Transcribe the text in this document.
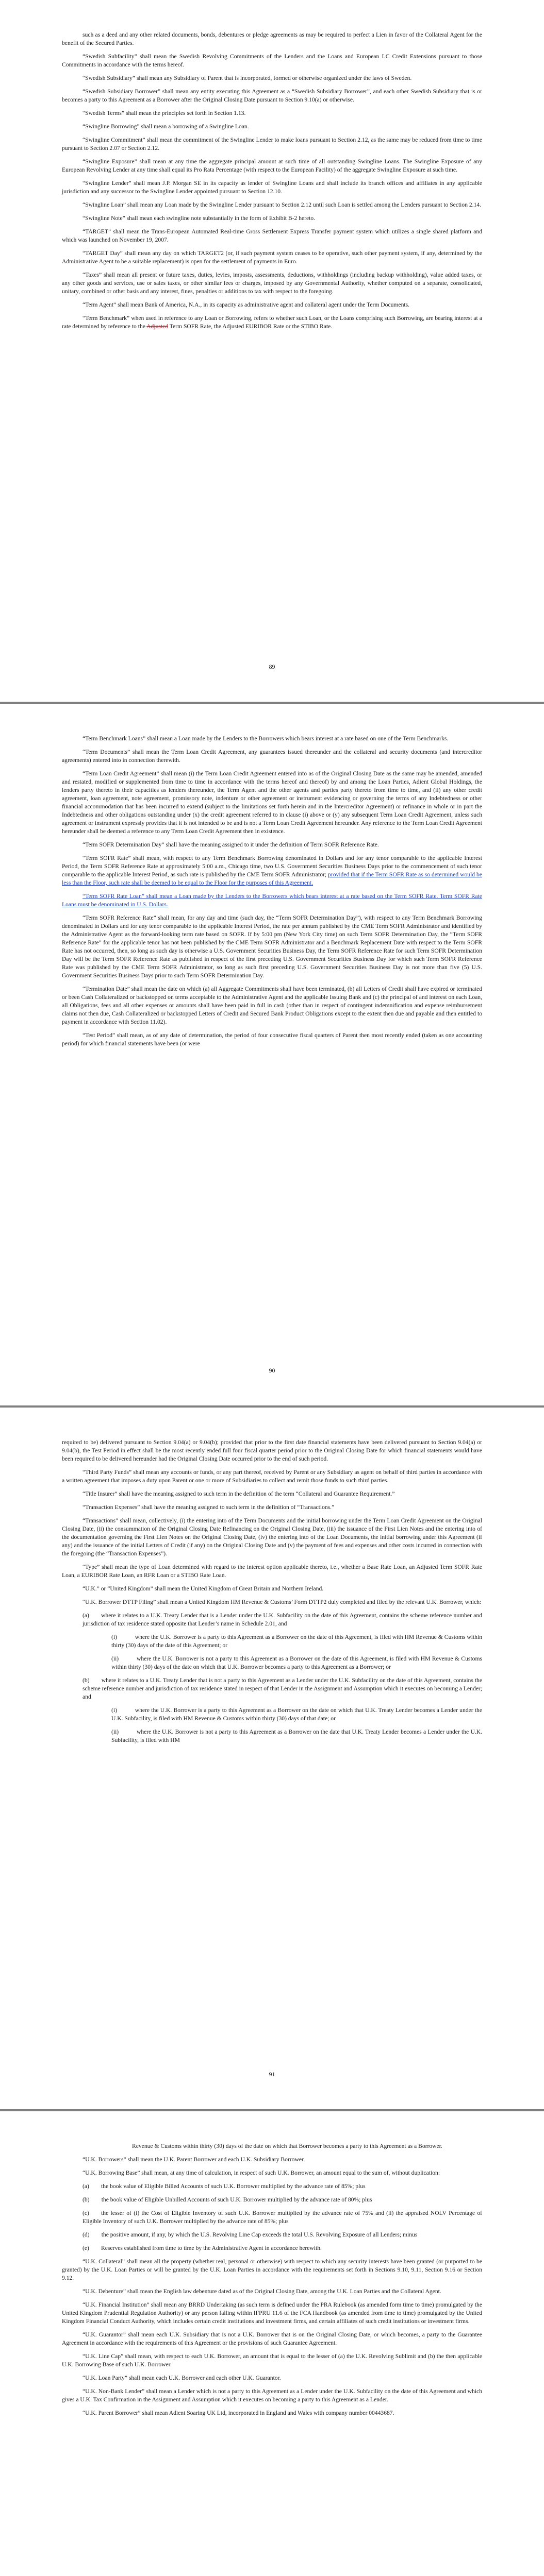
such as a deed and any other related documents, bonds, debentures or pledge agreements as may be required to perfect a Lien in favor of the Collateral Agent for the benefit of the Secured Parties.

“Swedish Subfacility” shall mean the Swedish Revolving Commitments of the Lenders and the Loans and European LC Credit Extensions pursuant to those Commitments in accordance with the terms hereof.

“Swedish Subsidiary” shall mean any Subsidiary of Parent that is incorporated, formed or otherwise organized under the laws of Sweden.

“Swedish Subsidiary Borrower” shall mean any entity executing this Agreement as a “Swedish Subsidiary Borrower”, and each other Swedish Subsidiary that is or becomes a party to this Agreement as a Borrower after the Original Closing Date pursuant to Section 9.10(a) or otherwise.

“Swedish Terms” shall mean the principles set forth in Section 1.13.

“Swingline Borrowing” shall mean a borrowing of a Swingline Loan.

“Swingline Commitment” shall mean the commitment of the Swingline Lender to make loans pursuant to Section 2.12, as the same may be reduced from time to time pursuant to Section 2.07 or Section 2.12.

“Swingline Exposure” shall mean at any time the aggregate principal amount at such time of all outstanding Swingline Loans. The Swingline Exposure of any European Revolving Lender at any time shall equal its Pro Rata Percentage (with respect to the European Facility) of the aggregate Swingline Exposure at such time.

“Swingline Lender” shall mean J.P. Morgan SE in its capacity as lender of Swingline Loans and shall include its branch offices and affiliates in any applicable jurisdiction and any successor to the Swingline Lender appointed pursuant to Section 12.10.

“Swingline Loan” shall mean any Loan made by the Swingline Lender pursuant to Section 2.12 until such Loan is settled among the Lenders pursuant to Section 2.14.

“Swingline Note” shall mean each swingline note substantially in the form of Exhibit B-2 hereto.

“TARGET” shall mean the Trans-European Automated Real-time Gross Settlement Express Transfer payment system which utilizes a single shared platform and which was launched on November 19, 2007.

“TARGET Day” shall mean any day on which TARGET2 (or, if such payment system ceases to be operative, such other payment system, if any, determined by the Administrative Agent to be a suitable replacement) is open for the settlement of payments in Euro.

“Taxes” shall mean all present or future taxes, duties, levies, imposts, assessments, deductions, withholdings (including backup withholding), value added taxes, or any other goods and services, use or sales taxes, or other similar fees or charges, imposed by any Governmental Authority, whether computed on a separate, consolidated, unitary, combined or other basis and any interest, fines, penalties or additions to tax with respect to the foregoing.

“Term Agent” shall mean Bank of America, N.A., in its capacity as administrative agent and collateral agent under the Term Documents.

“Term Benchmark” when used in reference to any Loan or Borrowing, refers to whether such Loan, or the Loans comprising such Borrowing, are bearing interest at a rate determined by reference to the Adjusted Term SOFR Rate, the Adjusted EURIBOR Rate or the STIBO Rate.

89

“Term Benchmark Loans” shall mean a Loan made by the Lenders to the Borrowers which bears interest at a rate based on one of the Term Benchmarks.

“Term Documents” shall mean the Term Loan Credit Agreement, any guarantees issued thereunder and the collateral and security documents (and intercreditor agreements) entered into in connection therewith.

“Term Loan Credit Agreement” shall mean (i) the Term Loan Credit Agreement entered into as of the Original Closing Date as the same may be amended, amended and restated, modified or supplemented from time to time in accordance with the terms hereof and thereof) by and among the Loan Parties, Adient Global Holdings, the lenders party thereto in their capacities as lenders thereunder, the Term Agent and the other agents and parties party thereto from time to time, and (ii) any other credit agreement, loan agreement, note agreement, promissory note, indenture or other agreement or instrument evidencing or governing the terms of any Indebtedness or other financial accommodation that has been incurred to extend (subject to the limitations set forth herein and in the Intercreditor Agreement) or refinance in whole or in part the Indebtedness and other obligations outstanding under (x) the credit agreement referred to in clause (i) above or (y) any subsequent Term Loan Credit Agreement, unless such agreement or instrument expressly provides that it is not intended to be and is not a Term Loan Credit Agreement hereunder. Any reference to the Term Loan Credit Agreement hereunder shall be deemed a reference to any Term Loan Credit Agreement then in existence.

“Term SOFR Determination Day” shall have the meaning assigned to it under the definition of Term SOFR Reference Rate.

“Term SOFR Rate” shall mean, with respect to any Term Benchmark Borrowing denominated in Dollars and for any tenor comparable to the applicable Interest Period, the Term SOFR Reference Rate at approximately 5:00 a.m., Chicago time, two U.S. Government Securities Business Days prior to the commencement of such tenor comparable to the applicable Interest Period, as such rate is published by the CME Term SOFR Administrator; provided that if the Term SOFR Rate as so determined would be less than the Floor, such rate shall be deemed to be equal to the Floor for the purposes of this Agreement.

“Term SOFR Rate Loan” shall mean a Loan made by the Lenders to the Borrowers which bears interest at a rate based on the Term SOFR Rate. Term SOFR Rate Loans must be denominated in U.S. Dollars.

“Term SOFR Reference Rate” shall mean, for any day and time (such day, the “Term SOFR Determination Day”), with respect to any Term Benchmark Borrowing denominated in Dollars and for any tenor comparable to the applicable Interest Period, the rate per annum published by the CME Term SOFR Administrator and identified by the Administrative Agent as the forward-looking term rate based on SOFR. If by 5:00 pm (New York City time) on such Term SOFR Determination Day, the “Term SOFR Reference Rate” for the applicable tenor has not been published by the CME Term SOFR Administrator and a Benchmark Replacement Date with respect to the Term SOFR Rate has not occurred, then, so long as such day is otherwise a U.S. Government Securities Business Day, the Term SOFR Reference Rate for such Term SOFR Determination Day will be the Term SOFR Reference Rate as published in respect of the first preceding U.S. Government Securities Business Day for which such Term SOFR Reference Rate was published by the CME Term SOFR Administrator, so long as such first preceding U.S. Government Securities Business Day is not more than five (5) U.S. Government Securities Business Days prior to such Term SOFR Determination Day.

“Termination Date” shall mean the date on which (a) all Aggregate Commitments shall have been terminated, (b) all Letters of Credit shall have expired or terminated or been Cash Collateralized or backstopped on terms acceptable to the Administrative Agent and the applicable Issuing Bank and (c) the principal of and interest on each Loan, all Obligations, fees and all other expenses or amounts shall have been paid in full in cash (other than in respect of contingent indemnification and expense reimbursement claims not then due, Cash Collateralized or backstopped Letters of Credit and Secured Bank Product Obligations except to the extent then due and payable and then entitled to payment in accordance with Section 11.02).

“Test Period” shall mean, as of any date of determination, the period of four consecutive fiscal quarters of Parent then most recently ended (taken as one accounting period) for which financial statements have been (or were

90

required to be) delivered pursuant to Section 9.04(a) or 9.04(b); provided that prior to the first date financial statements have been delivered pursuant to Section 9.04(a) or 9.04(b), the Test Period in effect shall be the most recently ended full four fiscal quarter period prior to the Original Closing Date for which financial statements would have been required to be delivered hereunder had the Original Closing Date occurred prior to the end of such period.

“Third Party Funds” shall mean any accounts or funds, or any part thereof, received by Parent or any Subsidiary as agent on behalf of third parties in accordance with a written agreement that imposes a duty upon Parent or one or more of Subsidiaries to collect and remit those funds to such third parties.

“Title Insurer” shall have the meaning assigned to such term in the definition of the term “Collateral and Guarantee Requirement.”

“Transaction Expenses” shall have the meaning assigned to such term in the definition of “Transactions.”

“Transactions” shall mean, collectively, (i) the entering into of the Term Documents and the initial borrowing under the Term Loan Credit Agreement on the Original Closing Date, (ii) the consummation of the Original Closing Date Refinancing on the Original Closing Date, (iii) the issuance of the First Lien Notes and the entering into of the documentation governing the First Lien Notes on the Original Closing Date, (iv) the entering into of the Loan Documents, the initial borrowing under this Agreement (if any) and the issuance of the initial Letters of Credit (if any) on the Original Closing Date and (v) the payment of fees and expenses and other costs incurred in connection with the foregoing (the “Transaction Expenses”).

“Type” shall mean the type of Loan determined with regard to the interest option applicable thereto, i.e., whether a Base Rate Loan, an Adjusted Term SOFR Rate Loan, a EURIBOR Rate Loan, an RFR Loan or a STIBO Rate Loan.

“U.K.” or “United Kingdom” shall mean the United Kingdom of Great Britain and Northern Ireland.

“U.K. Borrower DTTP Filing” shall mean a United Kingdom HM Revenue & Customs’ Form DTTP2 duly completed and filed by the relevant U.K. Borrower, which:

(a)  where it relates to a U.K. Treaty Lender that is a Lender under the U.K. Subfacility on the date of this Agreement, contains the scheme reference number and jurisdiction of tax residence stated opposite that Lender’s name in Schedule 2.01, and

(i)   where the U.K. Borrower is a party to this Agreement as a Borrower on the date of this Agreement, is filed with HM Revenue & Customs within thirty (30) days of the date of this Agreement; or

(ii)   where the U.K. Borrower is not a party to this Agreement as a Borrower on the date of this Agreement, is filed with HM Revenue & Customs within thirty (30) days of the date on which that U.K. Borrower becomes a party to this Agreement as a Borrower; or

(b)  where it relates to a U.K. Treaty Lender that is not a party to this Agreement as a Lender under the U.K. Subfacility on the date of this Agreement, contains the scheme reference number and jurisdiction of tax residence stated in respect of that Lender in the Assignment and Assumption which it executes on becoming a Lender; and

(i)   where the U.K. Borrower is a party to this Agreement as a Borrower on the date on which that U.K. Treaty Lender becomes a Lender under the U.K. Subfacility, is filed with HM Revenue & Customs within thirty (30) days of that date; or

(ii)   where the U.K. Borrower is not a party to this Agreement as a Borrower on the date that U.K. Treaty Lender becomes a Lender under the U.K. Subfacility, is filed with HM

91

Revenue & Customs within thirty (30) days of the date on which that Borrower becomes a party to this Agreement as a Borrower.

“U.K. Borrowers” shall mean the U.K. Parent Borrower and each U.K. Subsidiary Borrower.

“U.K. Borrowing Base” shall mean, at any time of calculation, in respect of such U.K. Borrower, an amount equal to the sum of, without duplication:

(a)  the book value of Eligible Billed Accounts of such U.K. Borrower multiplied by the advance rate of 85%; plus

(b)  the book value of Eligible Unbilled Accounts of such U.K. Borrower multiplied by the advance rate of 80%; plus

(c)  the lesser of (i) the Cost of Eligible Inventory of such U.K. Borrower multiplied by the advance rate of 75% and (ii) the appraised NOLV Percentage of Eligible Inventory of such U.K. Borrower multiplied by the advance rate of 85%; plus

(d)  the positive amount, if any, by which the U.S. Revolving Line Cap exceeds the total U.S. Revolving Exposure of all Lenders; minus

(e)  Reserves established from time to time by the Administrative Agent in accordance herewith.

“U.K. Collateral” shall mean all the property (whether real, personal or otherwise) with respect to which any security interests have been granted (or purported to be granted) by the U.K. Loan Parties or will be granted by the U.K. Loan Parties in accordance with the requirements set forth in Sections 9.10, 9.11, Section 9.16 or Section 9.12.

“U.K. Debenture” shall mean the English law debenture dated as of the Original Closing Date, among the U.K. Loan Parties and the Collateral Agent.

“U.K. Financial Institution” shall mean any BRRD Undertaking (as such term is defined under the PRA Rulebook (as amended form time to time) promulgated by the United Kingdom Prudential Regulation Authority) or any person falling within IFPRU 11.6 of the FCA Handbook (as amended from time to time) promulgated by the United Kingdom Financial Conduct Authority, which includes certain credit institutions and investment firms, and certain affiliates of such credit institutions or investment firms.

“U.K. Guarantor” shall mean each U.K. Subsidiary that is not a U.K. Borrower that is on the Original Closing Date, or which becomes, a party to the Guarantee Agreement in accordance with the requirements of this Agreement or the provisions of such Guarantee Agreement.

“U.K. Line Cap” shall mean, with respect to each U.K. Borrower, an amount that is equal to the lesser of (a) the U.K. Revolving Sublimit and (b) the then applicable U.K. Borrowing Base of such U.K. Borrower.

“U.K. Loan Party” shall mean each U.K. Borrower and each other U.K. Guarantor.

“U.K. Non-Bank Lender” shall mean a Lender which is not a party to this Agreement as a Lender under the U.K. Subfacility on the date of this Agreement and which gives a U.K. Tax Confirmation in the Assignment and Assumption which it executes on becoming a party to this Agreement as a Lender.

“U.K. Parent Borrower” shall mean Adient Soaring UK Ltd, incorporated in England and Wales with company number 00443687.
